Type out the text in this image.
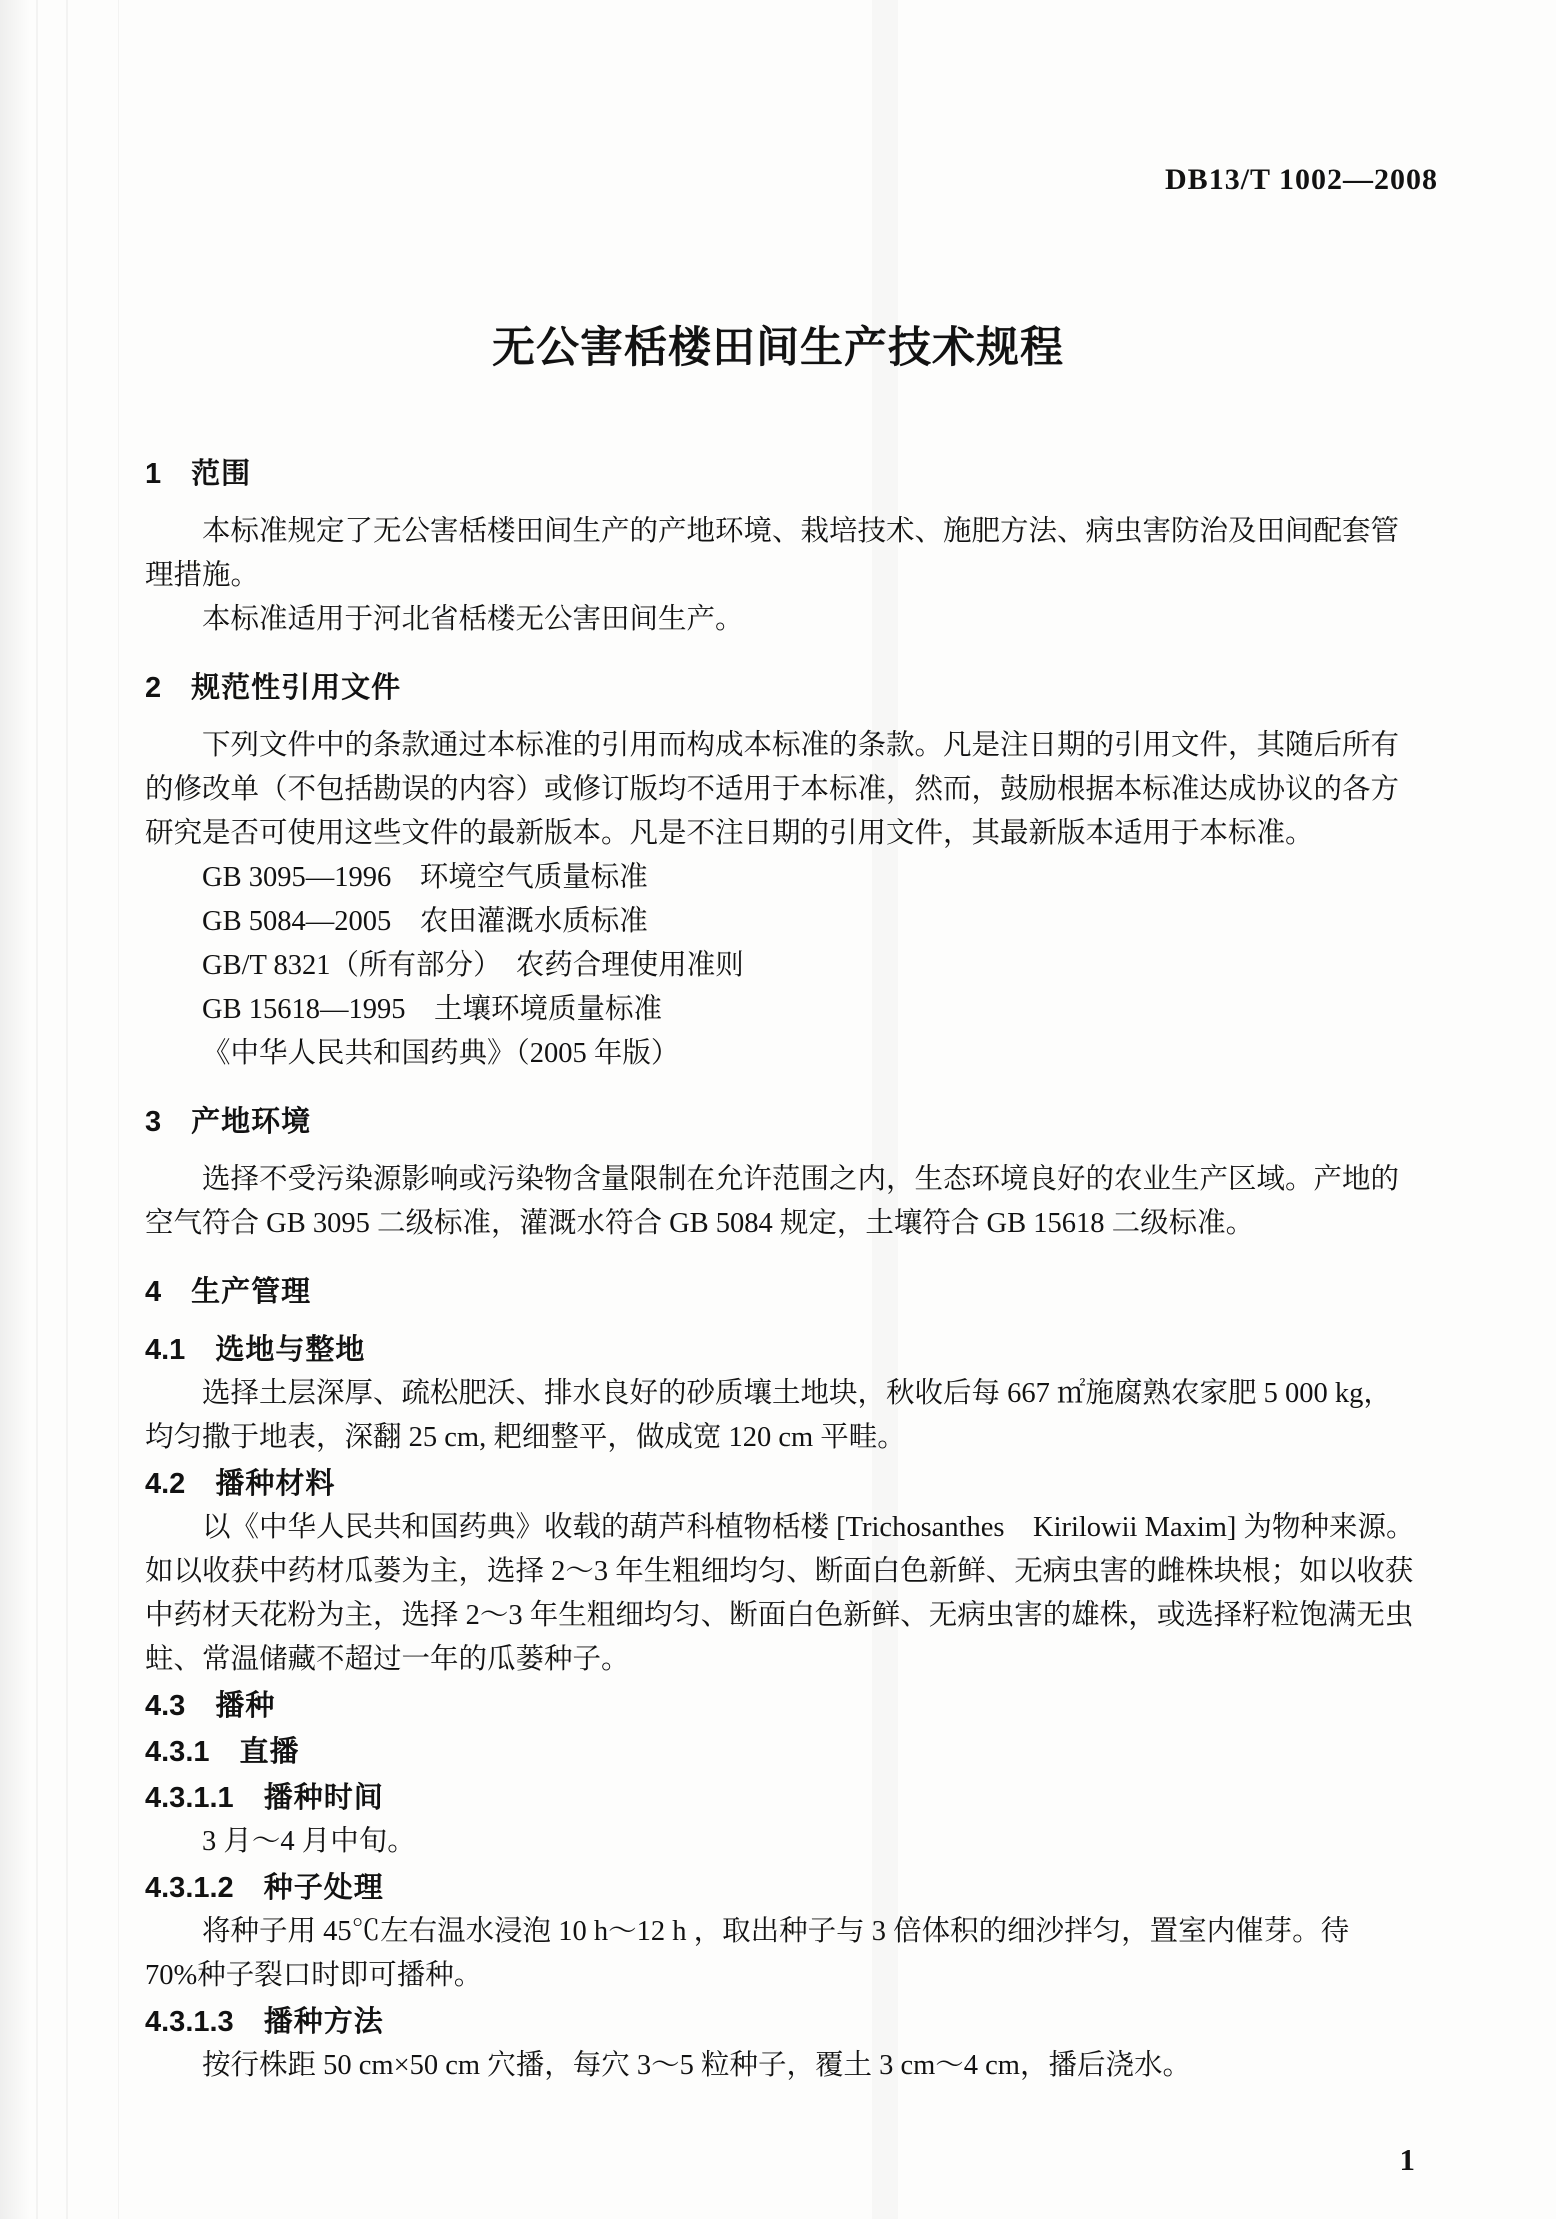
DB13/T 1002—2008
无公害栝楼田间生产技术规程
1 范围
本标准规定了无公害栝楼田间生产的产地环境、栽培技术、施肥方法、病虫害防治及田间配套管
理措施。
本标准适用于河北省栝楼无公害田间生产。
2 规范性引用文件
下列文件中的条款通过本标准的引用而构成本标准的条款。凡是注日期的引用文件，其随后所有
的修改单（不包括勘误的内容）或修订版均不适用于本标准，然而，鼓励根据本标准达成协议的各方
研究是否可使用这些文件的最新版本。凡是不注日期的引用文件，其最新版本适用于本标准。
GB 3095—1996　环境空气质量标准
GB 5084—2005　农田灌溉水质标准
GB/T 8321（所有部分）　农药合理使用准则
GB 15618—1995　土壤环境质量标准
《中华人民共和国药典》（2005 年版）
3 产地环境
选择不受污染源影响或污染物含量限制在允许范围之内，生态环境良好的农业生产区域。产地的
空气符合 GB 3095 二级标准，灌溉水符合 GB 5084 规定，土壤符合 GB 15618 二级标准。
4 生产管理
4.1 选地与整地
选择土层深厚、疏松肥沃、排水良好的砂质壤土地块，秋收后每 667 ㎡施腐熟农家肥 5 000 kg，
均匀撒于地表，深翻 25 cm, 耙细整平，做成宽 120 cm 平畦。
4.2 播种材料
以《中华人民共和国药典》收载的葫芦科植物栝楼 [Trichosanthes　Kirilowii Maxim] 为物种来源。
如以收获中药材瓜蒌为主，选择 2～3 年生粗细均匀、断面白色新鲜、无病虫害的雌株块根；如以收获
中药材天花粉为主，选择 2～3 年生粗细均匀、断面白色新鲜、无病虫害的雄株，或选择籽粒饱满无虫
蛀、常温储藏不超过一年的瓜蒌种子。
4.3 播种
4.3.1 直播
4.3.1.1 播种时间
3 月～4 月中旬。
4.3.1.2 种子处理
将种子用 45℃左右温水浸泡 10 h～12 h ，取出种子与 3 倍体积的细沙拌匀，置室内催芽。待
70%种子裂口时即可播种。
4.3.1.3 播种方法
按行株距 50 cm×50 cm 穴播，每穴 3～5 粒种子，覆土 3 cm～4 cm，播后浇水。
1
